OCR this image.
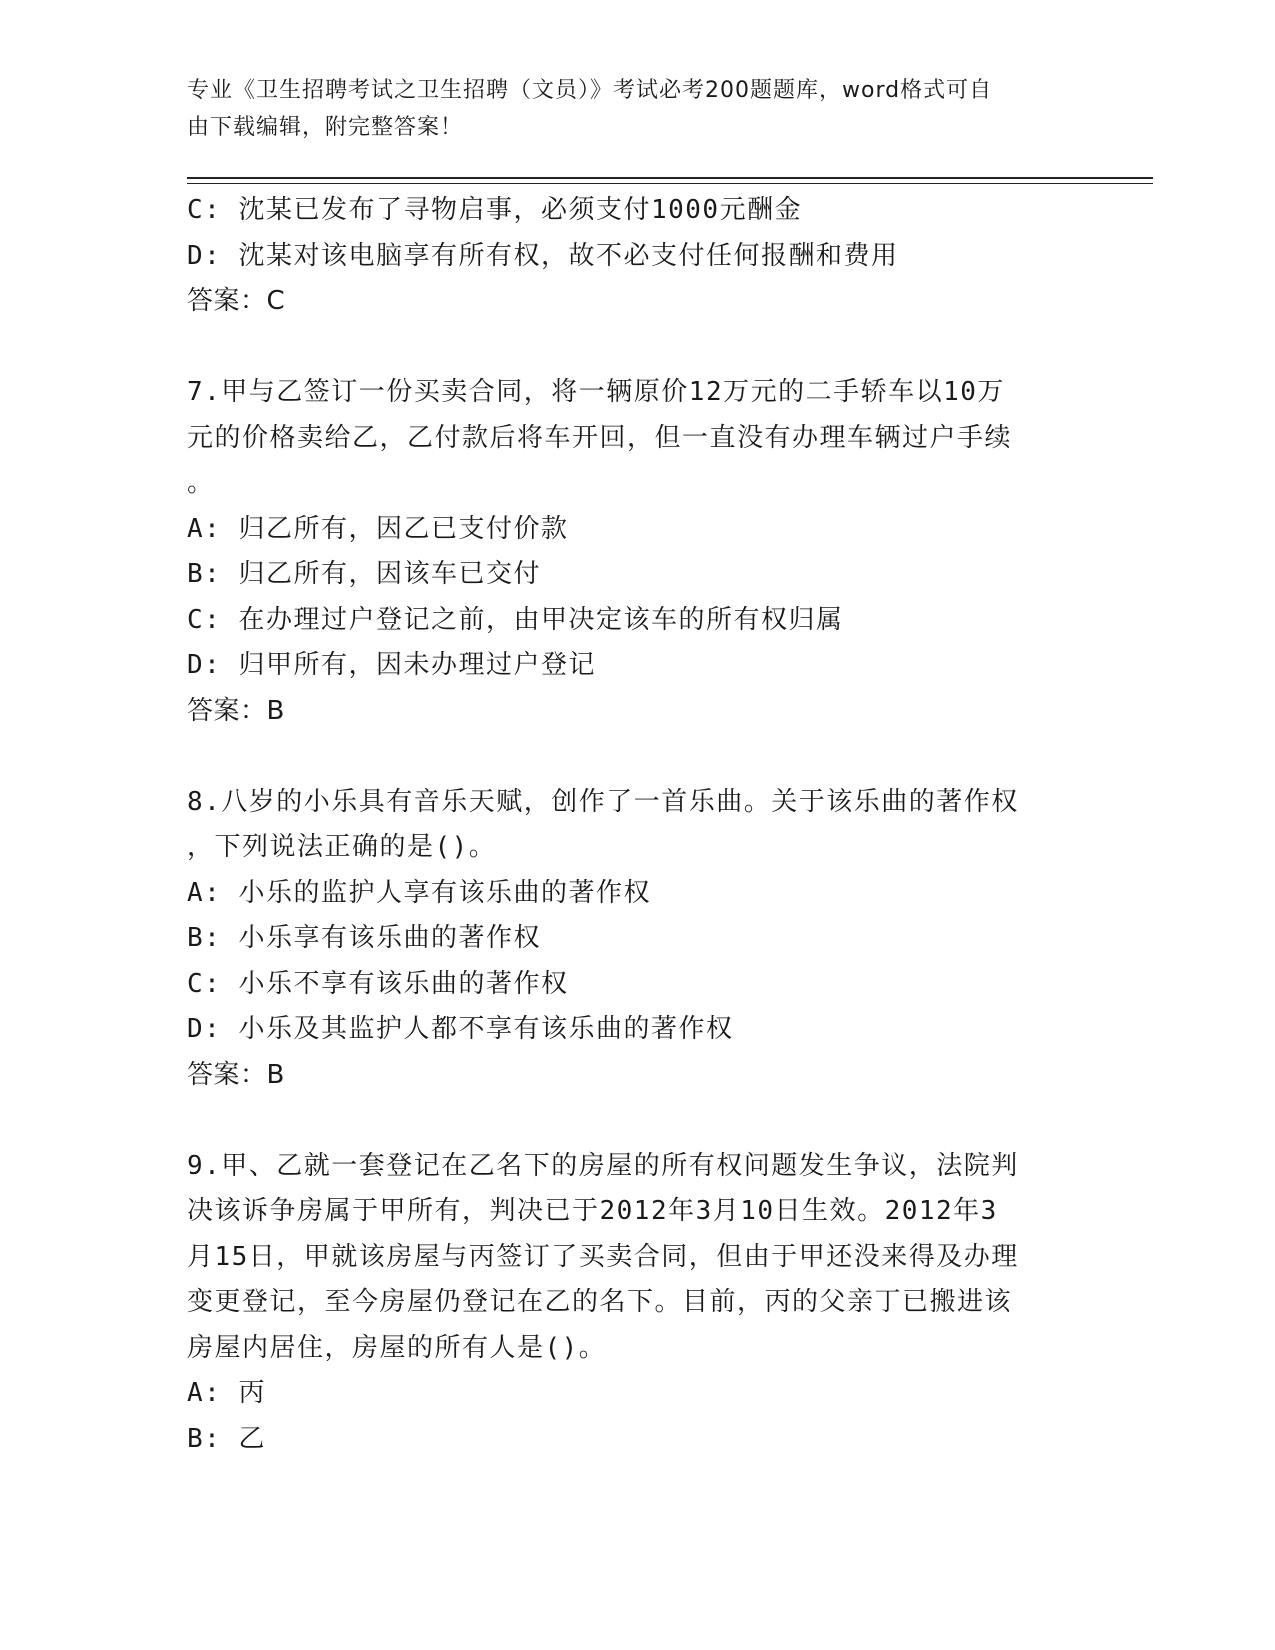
专业《卫生招聘考试之卫生招聘（文员）》考试必考200题题库，word格式可自
由下载编辑，附完整答案！

C: 沈某已发布了寻物启事，必须支付1000元酬金

D: 沈某对该电脑享有所有权，故不必支付任何报酬和费用

答案：C

7.甲与乙签订一份买卖合同，将一辆原价12万元的二手轿车以10万

元的价格卖给乙，乙付款后将车开回，但一直没有办理车辆过户手续

。

A: 归乙所有，因乙已支付价款

B: 归乙所有，因该车已交付

C: 在办理过户登记之前，由甲决定该车的所有权归属

D: 归甲所有，因未办理过户登记

答案：B

8.八岁的小乐具有音乐天赋，创作了一首乐曲。关于该乐曲的著作权

，下列说法正确的是()。

A: 小乐的监护人享有该乐曲的著作权

B: 小乐享有该乐曲的著作权

C: 小乐不享有该乐曲的著作权

D: 小乐及其监护人都不享有该乐曲的著作权

答案：B

9.甲、乙就一套登记在乙名下的房屋的所有权问题发生争议，法院判

决该诉争房属于甲所有，判决已于2012年3月10日生效。2012年3

月15日，甲就该房屋与丙签订了买卖合同，但由于甲还没来得及办理

变更登记，至今房屋仍登记在乙的名下。目前，丙的父亲丁已搬进该

房屋内居住，房屋的所有人是()。

A: 丙

B: 乙
